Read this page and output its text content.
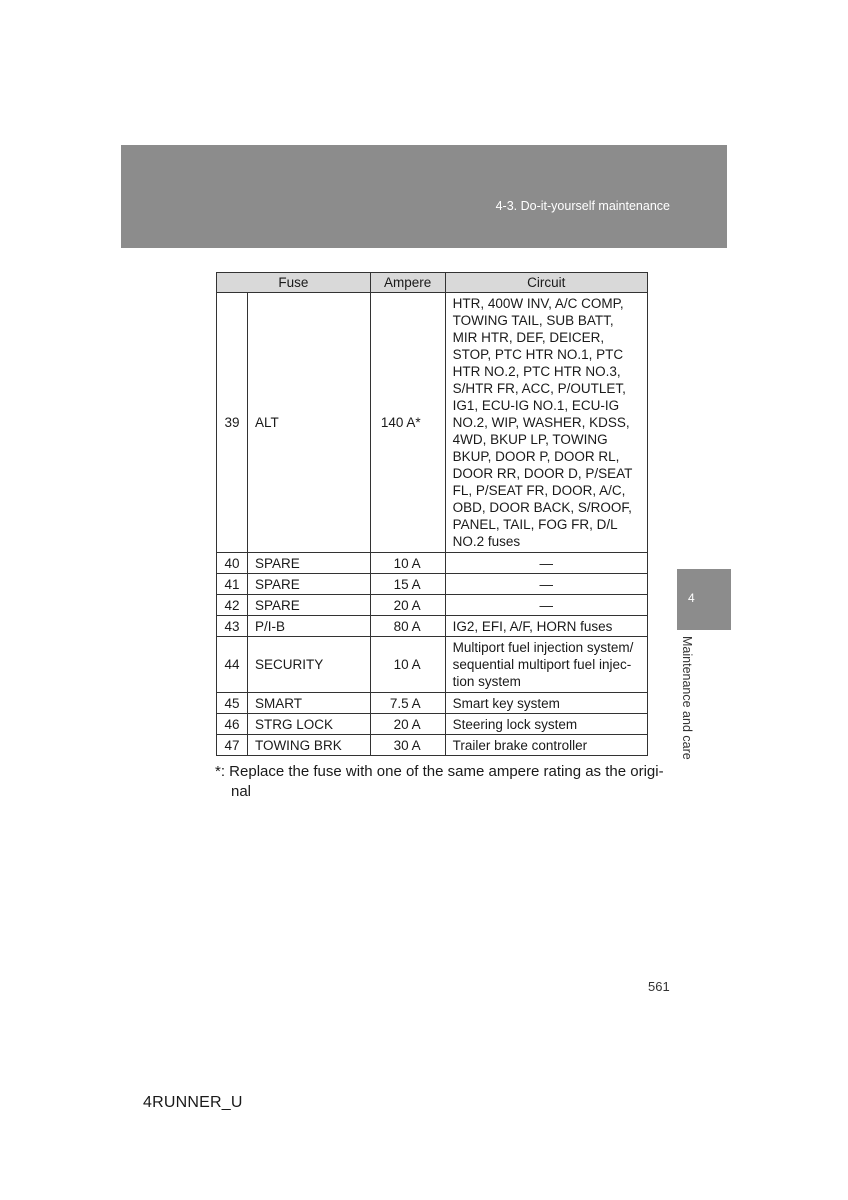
4-3. Do-it-yourself maintenance
4
Maintenance and care
Fuse		Ampere	Circuit
39	ALT	140 A*	HTR, 400W INV, A/C COMP, TOWING TAIL, SUB BATT, MIR HTR, DEF, DEICER, STOP, PTC HTR NO.1, PTC HTR NO.2, PTC HTR NO.3, S/HTR FR, ACC, P/OUTLET, IG1, ECU-IG NO.1, ECU-IG NO.2, WIP, WASHER, KDSS, 4WD, BKUP LP, TOWING BKUP, DOOR P, DOOR RL, DOOR RR, DOOR D, P/SEAT FL, P/SEAT FR, DOOR, A/C, OBD, DOOR BACK, S/ROOF, PANEL, TAIL, FOG FR, D/L NO.2 fuses
40	SPARE	10 A	—
41	SPARE	15 A	—
42	SPARE	20 A	—
43	P/I-B	80 A	IG2, EFI, A/F, HORN fuses
44	SECURITY	10 A	Multiport fuel injection system/ sequential multiport fuel injec-tion system
45	SMART	7.5 A	Smart key system
46	STRG LOCK	20 A	Steering lock system
47	TOWING BRK	30 A	Trailer brake controller
*: Replace the fuse with one of the same ampere rating as the origi-
nal
561
4RUNNER_U
